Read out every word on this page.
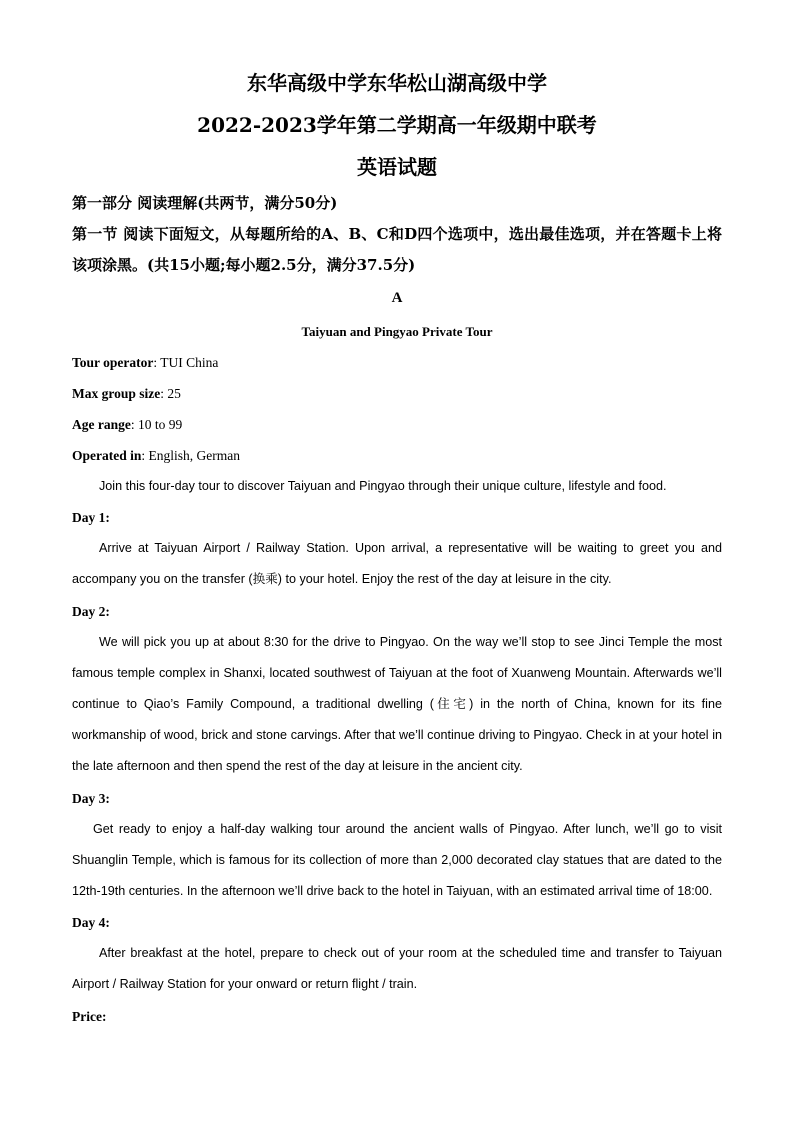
东华高级中学东华松山湖高级中学
2022-2023学年第二学期高一年级期中联考
英语试题
第一部分 阅读理解(共两节，满分50分)
第一节 阅读下面短文，从每题所给的A、B、C和D四个选项中，选出最佳选项，并在答题卡上将该项涂黑。(共15小题;每小题2.5分，满分37.5分)
A
Taiyuan and Pingyao Private Tour
Tour operator: TUI China
Max group size: 25
Age range: 10 to 99
Operated in: English, German
Join this four-day tour to discover Taiyuan and Pingyao through their unique culture, lifestyle and food.
Day 1:
Arrive at Taiyuan Airport / Railway Station. Upon arrival, a representative will be waiting to greet you and accompany you on the transfer (换乘) to your hotel. Enjoy the rest of the day at leisure in the city.
Day 2:
We will pick you up at about 8:30 for the drive to Pingyao. On the way we’ll stop to see Jinci Temple the most famous temple complex in Shanxi, located southwest of Taiyuan at the foot of Xuanweng Mountain. Afterwards we’ll continue to Qiao’s Family Compound, a traditional dwelling (住宅) in the north of China, known for its fine workmanship of wood, brick and stone carvings. After that we’ll continue driving to Pingyao. Check in at your hotel in the late afternoon and then spend the rest of the day at leisure in the ancient city.
Day 3:
Get ready to enjoy a half-day walking tour around the ancient walls of Pingyao. After lunch, we’ll go to visit Shuanglin Temple, which is famous for its collection of more than 2,000 decorated clay statues that are dated to the 12th-19th centuries. In the afternoon we’ll drive back to the hotel in Taiyuan, with an estimated arrival time of 18:00.
Day 4:
After breakfast at the hotel, prepare to check out of your room at the scheduled time and transfer to Taiyuan Airport / Railway Station for your onward or return flight / train.
Price:
